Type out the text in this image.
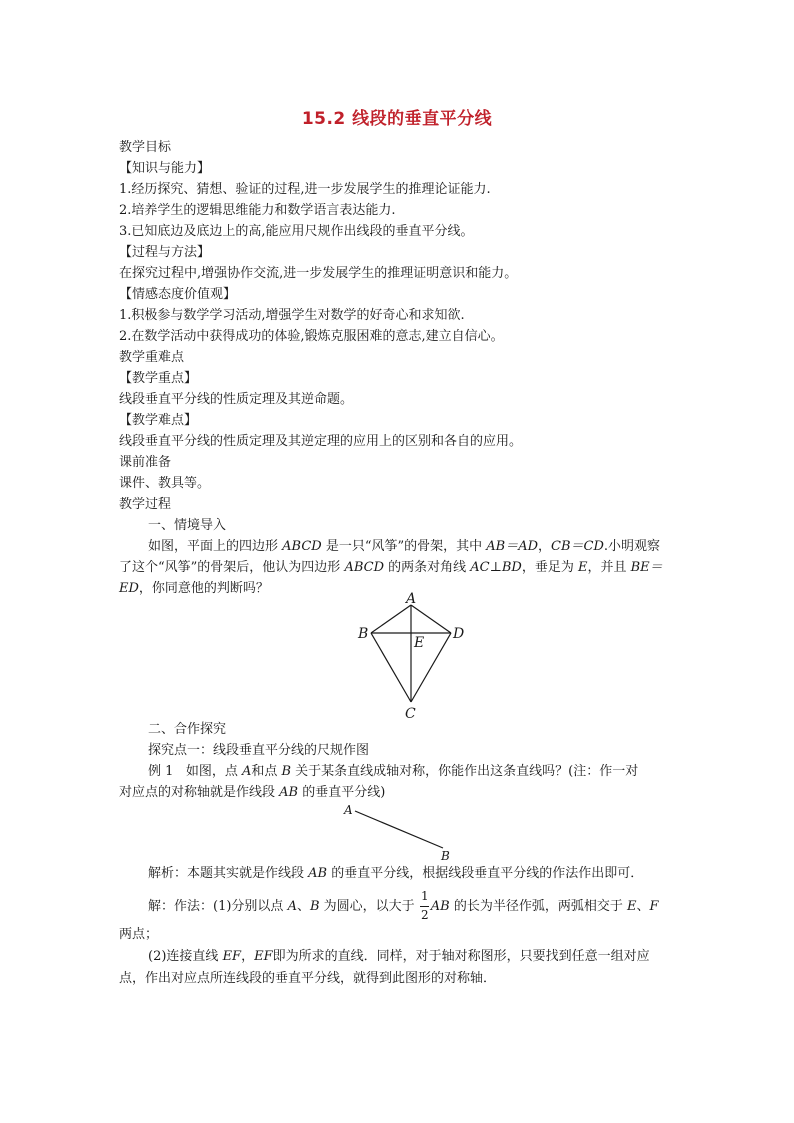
15.2 线段的垂直平分线
教学目标
【知识与能力】
1.经历探究、猜想、验证的过程,进一步发展学生的推理论证能力.
2.培养学生的逻辑思维能力和数学语言表达能力.
3.已知底边及底边上的高,能应用尺规作出线段的垂直平分线。
【过程与方法】
在探究过程中,增强协作交流,进一步发展学生的推理证明意识和能力。
【情感态度价值观】
1.积极参与数学学习活动,增强学生对数学的好奇心和求知欲.
2.在数学活动中获得成功的体验,锻炼克服困难的意志,建立自信心。
教学重难点
【教学重点】
线段垂直平分线的性质定理及其逆命题。
【教学难点】
线段垂直平分线的性质定理及其逆定理的应用上的区别和各自的应用。
课前准备
课件、教具等。
教学过程
一、情境导入
如图，平面上的四边形 ABCD 是一只“风筝”的骨架，其中 AB＝AD，CB＝CD.小明观察
了这个“风筝”的骨架后，他认为四边形 ABCD 的两条对角线 AC⊥BD，垂足为 E，并且 BE＝
ED，你同意他的判断吗？
A
B	D
E
C
二、合作探究
探究点一：线段垂直平分线的尺规作图
例 1 如图，点 A和点 B 关于某条直线成轴对称，你能作出这条直线吗？(注：作一对
对应点的对称轴就是作线段 AB 的垂直平分线)
A
B
解析：本题其实就是作线段 AB 的垂直平分线，根据线段垂直平分线的作法作出即可．
解：作法：(1)分别以点 A、B 为圆心，以大于 $\frac{1}{2}$ AB 的长为半径作弧，两弧相交于 E、F
两点；
(2)连接直线 EF，EF即为所求的直线．同样，对于轴对称图形，只要找到任意一组对应
点，作出对应点所连线段的垂直平分线，就得到此图形的对称轴．
